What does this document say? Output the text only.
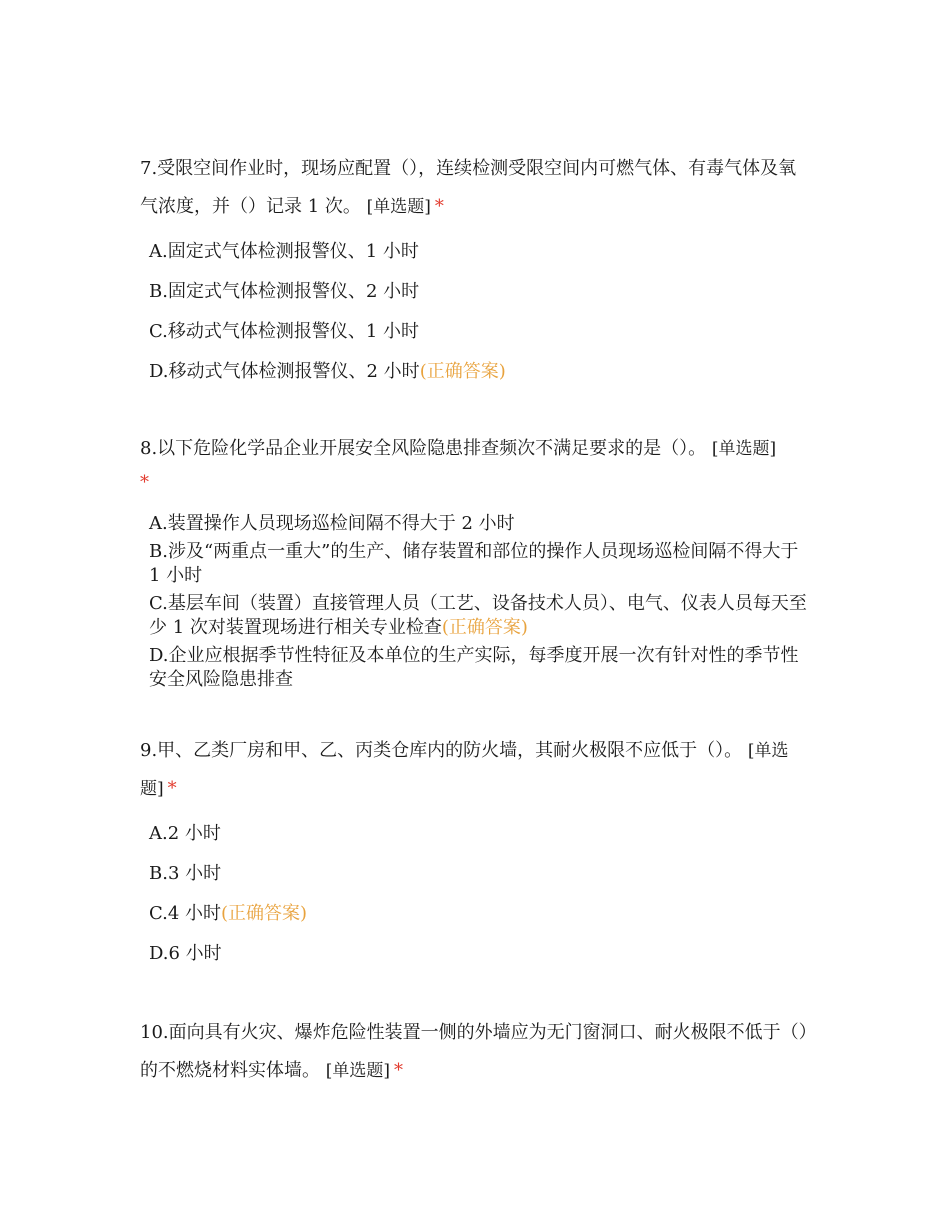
7.受限空间作业时，现场应配置（），连续检测受限空间内可燃气体、有毒气体及氧气浓度，并（）记录 1 次。 [单选题] *

A.固定式气体检测报警仪、1 小时
B.固定式气体检测报警仪、2 小时
C.移动式气体检测报警仪、1 小时
D.移动式气体检测报警仪、2 小时(正确答案)

8.以下危险化学品企业开展安全风险隐患排查频次不满足要求的是（）。 [单选题]
*

A.装置操作人员现场巡检间隔不得大于 2 小时
B.涉及“两重点一重大”的生产、储存装置和部位的操作人员现场巡检间隔不得大于 1 小时
C.基层车间（装置）直接管理人员（工艺、设备技术人员）、电气、仪表人员每天至少 1 次对装置现场进行相关专业检查(正确答案)
D.企业应根据季节性特征及本单位的生产实际，每季度开展一次有针对性的季节性安全风险隐患排查

9.甲、乙类厂房和甲、乙、丙类仓库内的防火墙，其耐火极限不应低于（）。 [单选题] *

A.2 小时
B.3 小时
C.4 小时(正确答案)
D.6 小时

10.面向具有火灾、爆炸危险性装置一侧的外墙应为无门窗洞口、耐火极限不低于（）的不燃烧材料实体墙。 [单选题] *
